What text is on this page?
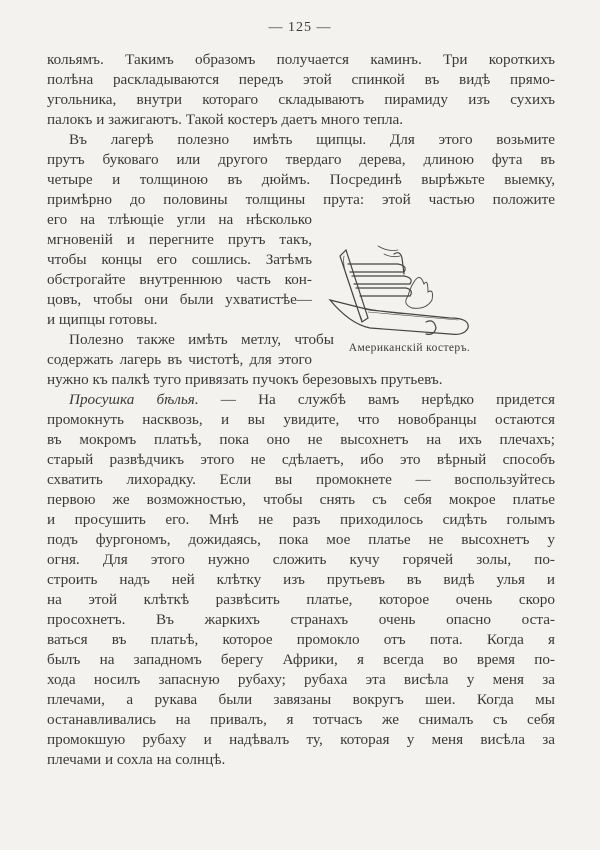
— 125 —
кольямъ. Такимъ образомъ получается каминъ. Три короткихъ
полѣна раскладываются передъ этой спинкой въ видѣ прямо-
угольника, внутри котораго складываютъ пирамиду изъ сухихъ
палокъ и зажигаютъ. Такой костеръ даетъ много тепла.
Въ лагерѣ полезно имѣть щипцы. Для этого возьмите
прутъ буковаго или другого твердаго дерева, длиною фута въ
четыре и толщиною въ дюймъ. Посрединѣ вырѣжьте выемку,
примѣрно до половины толщины прута: этой частью положите
его на тлѣющіе угли на нѣсколько
мгновеній и перегните прутъ такъ,
чтобы концы его сошлись. Затѣмъ
обстрогайте внутреннюю часть кон-
цовъ, чтобы они были ухватистѣе—
и щипцы готовы.
Полезно также имѣть метлу, чтобы
содержать лагерь въ чистотѣ, для этого
нужно къ палкѣ туго привязать пучокъ березовыхъ прутьевъ.
Просушка бѣлья. — На службѣ вамъ нерѣдко придется
промокнуть насквозь, и вы увидите, что новобранцы остаются
въ мокромъ платьѣ, пока оно не высохнетъ на ихъ плечахъ;
старый развѣдчикъ этого не сдѣлаетъ, ибо это вѣрный способъ
схватить лихорадку. Если вы промокнете — воспользуйтесь
первою же возможностью, чтобы снять съ себя мокрое платье
и просушить его. Мнѣ не разъ приходилось сидѣть голымъ
подъ фургономъ, дожидаясь, пока мое платье не высохнетъ у
огня. Для этого нужно сложить кучу горячей золы, по-
строить надъ ней клѣтку изъ прутьевъ въ видѣ улья и
на этой клѣткѣ развѣсить платье, которое очень скоро
просохнетъ. Въ жаркихъ странахъ очень опасно оста-
ваться въ платьѣ, которое промокло отъ пота. Когда я
былъ на западномъ берегу Африки, я всегда во время по-
хода носилъ запасную рубаху; рубаха эта висѣла у меня за
плечами, а рукава были завязаны вокругъ шеи. Когда мы
останавливались на привалъ, я тотчасъ же снималъ съ себя
промокшую рубаху и надѣвалъ ту, которая у меня висѣла за
плечами и сохла на солнцѣ.
Американскій костеръ.
